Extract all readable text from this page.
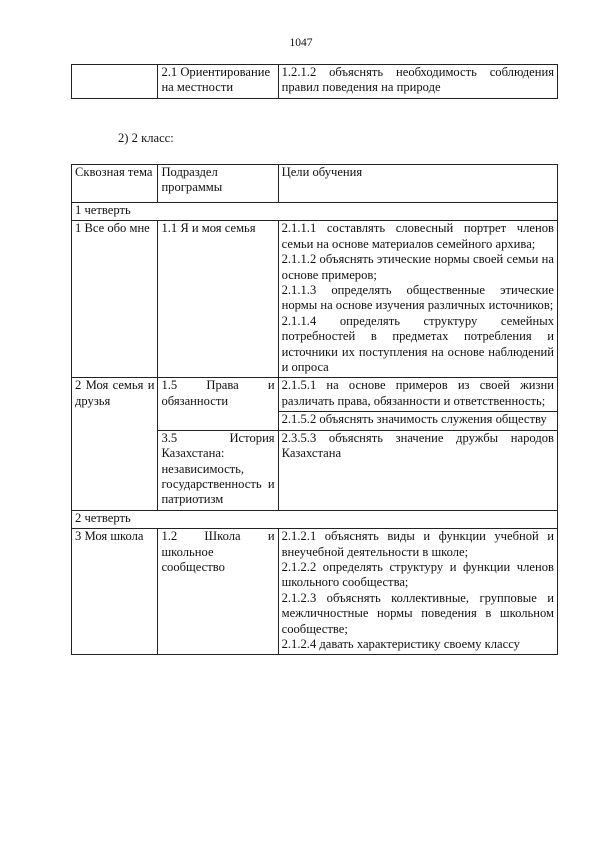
1047
	2.1 Ориентирование на местности	1.2.1.2 объяснять необходимость соблюдения правил поведения на природе
2) 2 класс:
Сквозная тема	Подраздел программы	Цели обучения
1 четверть		
1 Все обо мне	1.1 Я и моя семья	2.1.1.1 составлять словесный портрет членов семьи на основе материалов семейного архива;
2.1.1.2 объяснять этические нормы своей семьи на основе примеров;
2.1.1.3 определять общественные этические нормы на основе изучения различных источников;
2.1.1.4 определять структуру семейных потребностей в предметах потребления и источники их поступления на основе наблюдений и опроса

2 Моя семья и друзья	1.5 Права и обязанности	2.1.5.1 на основе примеров из своей жизни различать права, обязанности и ответственность;

		2.1.5.2 объяснять значимость служения обществу

	3.5 История Казахстана: независимость, государственность и патриотизм	2.3.5.3 объяснять значение дружбы народов Казахстана

2 четверть		
3 Моя школа	1.2 Школа и школьное сообщество	2.1.2.1 объяснять виды и функции учебной и внеучебной деятельности в школе;
2.1.2.2 определять структуру и функции членов школьного сообщества;
2.1.2.3 объяснять коллективные, групповые и межличностные нормы поведения в школьном сообществе;
2.1.2.4 давать характеристику своему классу
